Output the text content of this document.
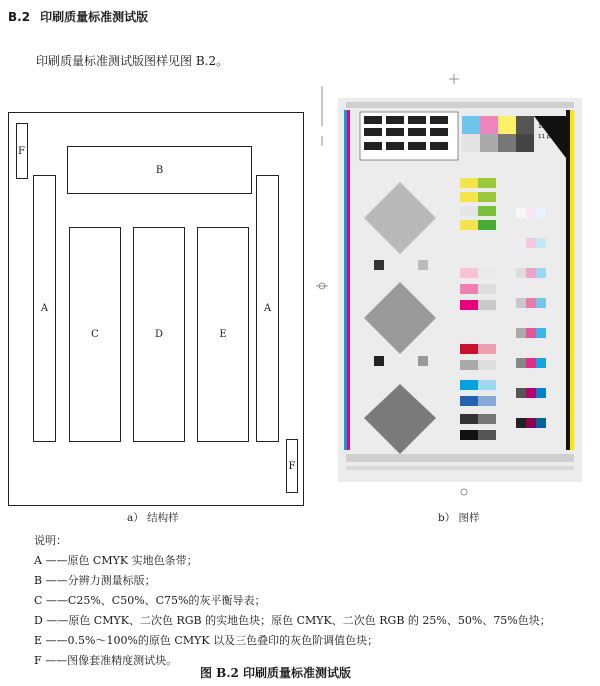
B.2 印刷质量标准测试版
印刷质量标准测试版图样见图 B.2。
F
B
A	A
C	D	E
F
a） 结构样
12 pt Arial
11 pt Arial
b） 图样
说明：
A ——原色 CMYK 实地色条带；
B ——分辨力测量标版；
C ——C25%、C50%、C75%的灰平衡导表；
D ——原色 CMYK、二次色 RGB 的实地色块；原色 CMYK、二次色 RGB 的 25%、50%、75%色块；
E ——0.5%～100%的原色 CMYK 以及三色叠印的灰色阶调值色块；
F ——图像套准精度测试块。
图 B.2 印刷质量标准测试版
